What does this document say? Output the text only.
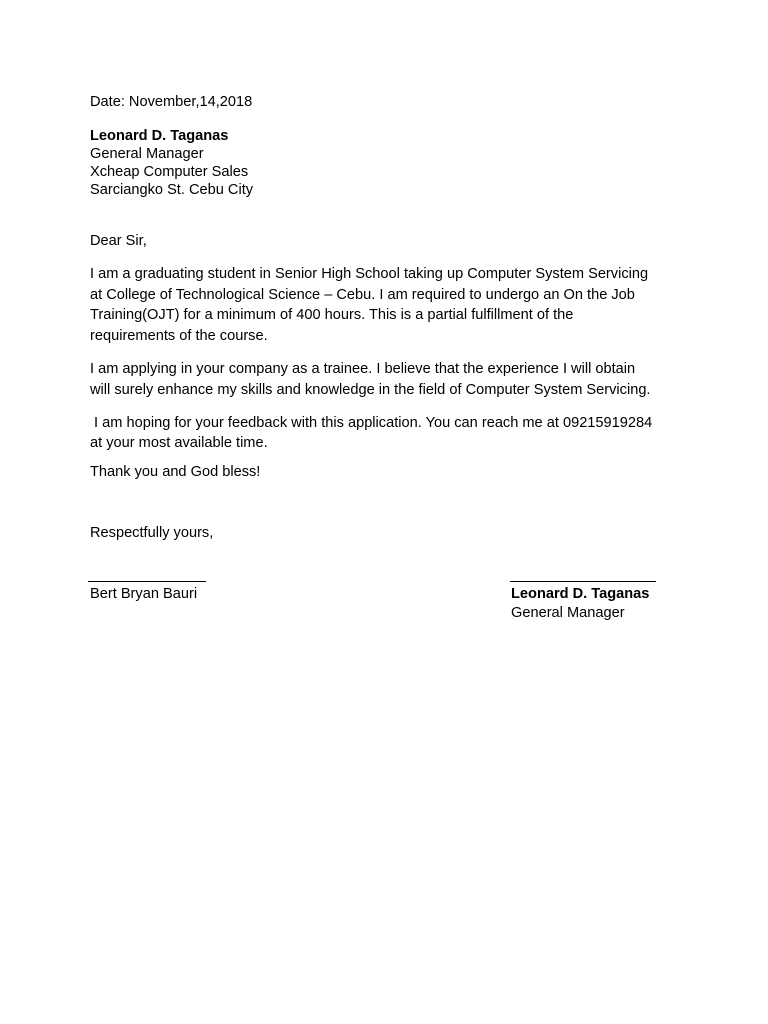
Date: November,14,2018
Leonard D. Taganas
General Manager
Xcheap Computer Sales
Sarciangko St. Cebu City
Dear Sir,
I am a graduating student in Senior High School taking up Computer System Servicing
at College of Technological Science – Cebu. I am required to undergo an On the Job
Training(OJT) for a minimum of 400 hours. This is a partial fulfillment of the
requirements of the course.
I am applying in your company as a trainee. I believe that the experience I will obtain
will surely enhance my skills and knowledge in the field of Computer System Servicing.
I am hoping for your feedback with this application. You can reach me at 09215919284
at your most available time.
Thank you and God bless!
Respectfully yours,
Bert Bryan Bauri	Leonard D. Taganas
General Manager
